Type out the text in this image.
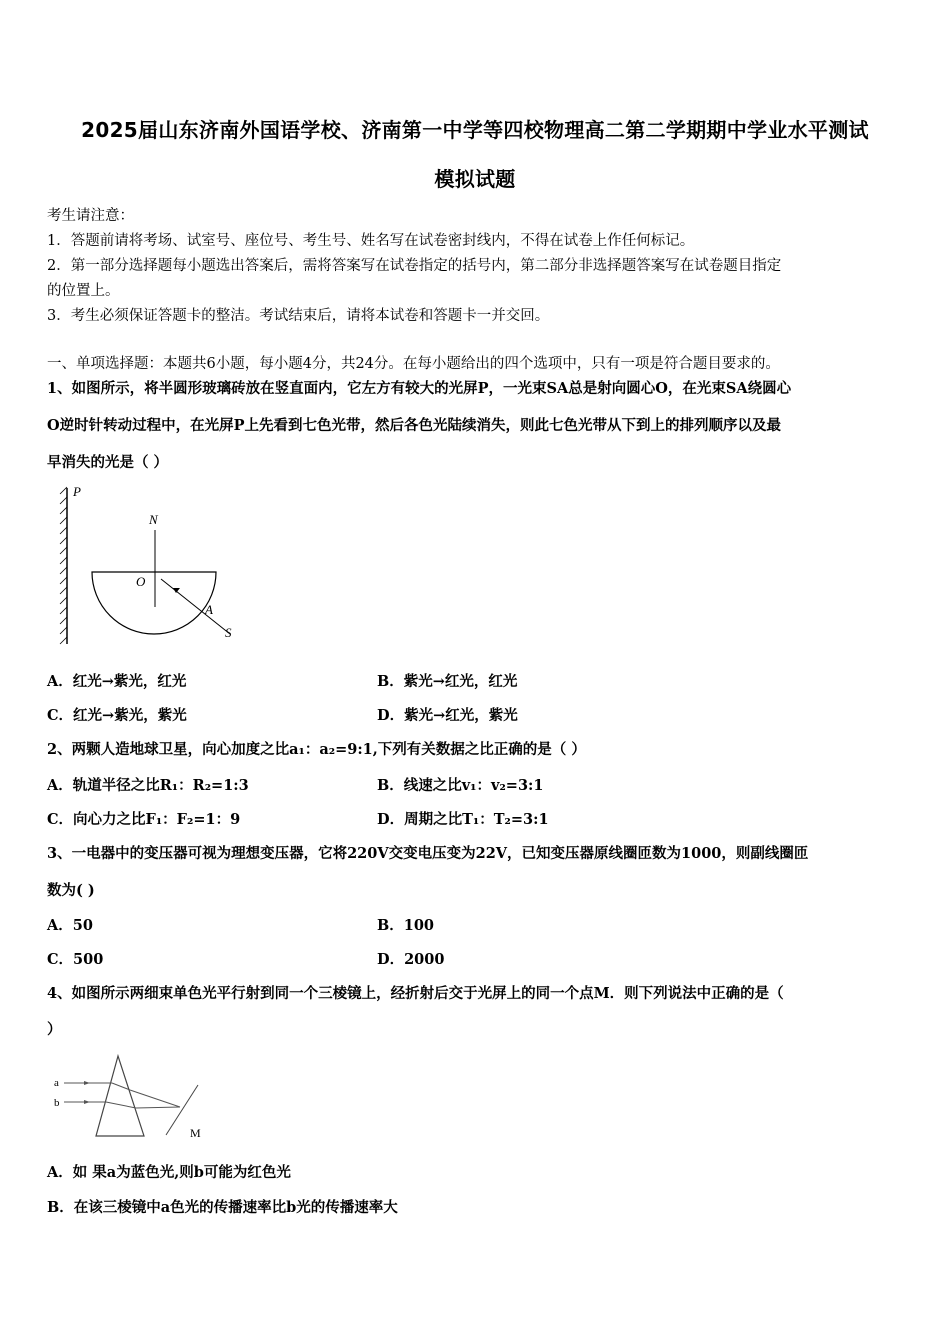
2025届山东济南外国语学校、济南第一中学等四校物理高二第二学期期中学业水平测试
模拟试题
考生请注意：
1．答题前请将考场、试室号、座位号、考生号、姓名写在试卷密封线内，不得在试卷上作任何标记。
2．第一部分选择题每小题选出答案后，需将答案写在试卷指定的括号内，第二部分非选择题答案写在试卷题目指定
的位置上。
3．考生必须保证答题卡的整洁。考试结束后，请将本试卷和答题卡一并交回。
一、单项选择题：本题共6小题，每小题4分，共24分。在每小题给出的四个选项中，只有一项是符合题目要求的。
1、如图所示，将半圆形玻璃砖放在竖直面内，它左方有较大的光屏P，一光束SA总是射向圆心O，在光束SA绕圆心
O逆时针转动过程中，在光屏P上先看到七色光带，然后各色光陆续消失，则此七色光带从下到上的排列顺序以及最
早消失的光是（ ）
P
N
O
A
S
A．红光→紫光，红光	B．紫光→红光，红光
C．红光→紫光，紫光	D．紫光→红光，紫光
2、两颗人造地球卫星，向心加度之比a₁：a₂=9:1,下列有关数据之比正确的是（ ）
A．轨道半径之比R₁：R₂=1:3	B．线速之比v₁：v₂=3:1
C．向心力之比F₁：F₂=1：9	D．周期之比T₁：T₂=3:1
3、一电器中的变压器可视为理想变压器，它将220V交变电压变为22V，已知变压器原线圈匝数为1000，则副线圈匝
数为( )
A．50	B．100
C．500	D．2000
4、如图所示两细束单色光平行射到同一个三棱镜上，经折射后交于光屏上的同一个点M．则下列说法中正确的是（
）
a
b
M
A．如 果a为蓝色光,则b可能为红色光
B．在该三棱镜中a色光的传播速率比b光的传播速率大
